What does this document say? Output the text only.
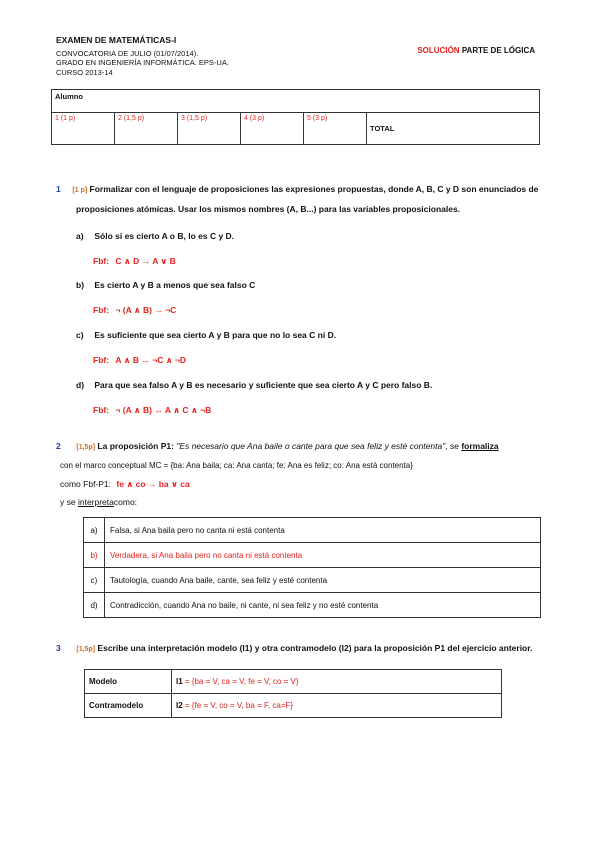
EXAMEN DE MATEMÁTICAS-I
CONVOCATORIA DE JULIO (01/07/2014).
GRADO EN INGENIERÍA INFORMÁTICA. EPS-UA.
CURSO 2013-14
SOLUCIÓN PARTE DE LÓGICA
Alumno
1 (1 p)	2 (1,5 p)	3 (1,5 p)	4 (3 p)	5 (3 p)	TOTAL
1 [1 p] Formalizar con el lenguaje de proposiciones las expresiones propuestas, donde A, B, C y D son enunciados de proposiciones atómicas. Usar los mismos nombres (A, B...) para las variables proposicionales.
a) Sólo si es cierto A o B, lo es C y D.
Fbf: C ∧ D → A ∨ B
b) Es cierto A y B a menos que sea falso C
Fbf: ¬ (A ∧ B) → ¬C
c) Es suficiente que sea cierto A y B para que no lo sea C ni D.
Fbf: A ∧ B → ¬C ∧ ¬D
d) Para que sea falso A y B es necesario y suficiente que sea cierto A y C pero falso B.
Fbf: ¬ (A ∧ B) ↔ A ∧ C ∧ ¬B
2 [1,5p] La proposición P1: "Es necesario que Ana baile o cante para que sea feliz y esté contenta", se formaliza
con el marco conceptual MC = {ba: Ana baila; ca: Ana canta; fe: Ana es feliz; co: Ana está contenta}
como Fbf-P1: fe ∧ co → ba ∨ ca
y se interpretacomo:
a)	Falsa, si Ana baila pero no canta ni está contenta
b)	Verdadera, si Ana baila pero no canta ni está contenta
c)	Tautología, cuando Ana baile, cante, sea feliz y esté contenta
d)	Contradicción, cuando Ana no baile, ni cante, ni sea feliz y no esté contenta
3 [1,5p] Escribe una interpretación modelo (I1) y otra contramodelo (I2) para la proposición P1 del ejercicio anterior.
Modelo	I1 = {ba = V, ca = V, fe = V, co = V}
Contramodelo	I2 = {fe = V, co = V, ba = F, ca=F}
